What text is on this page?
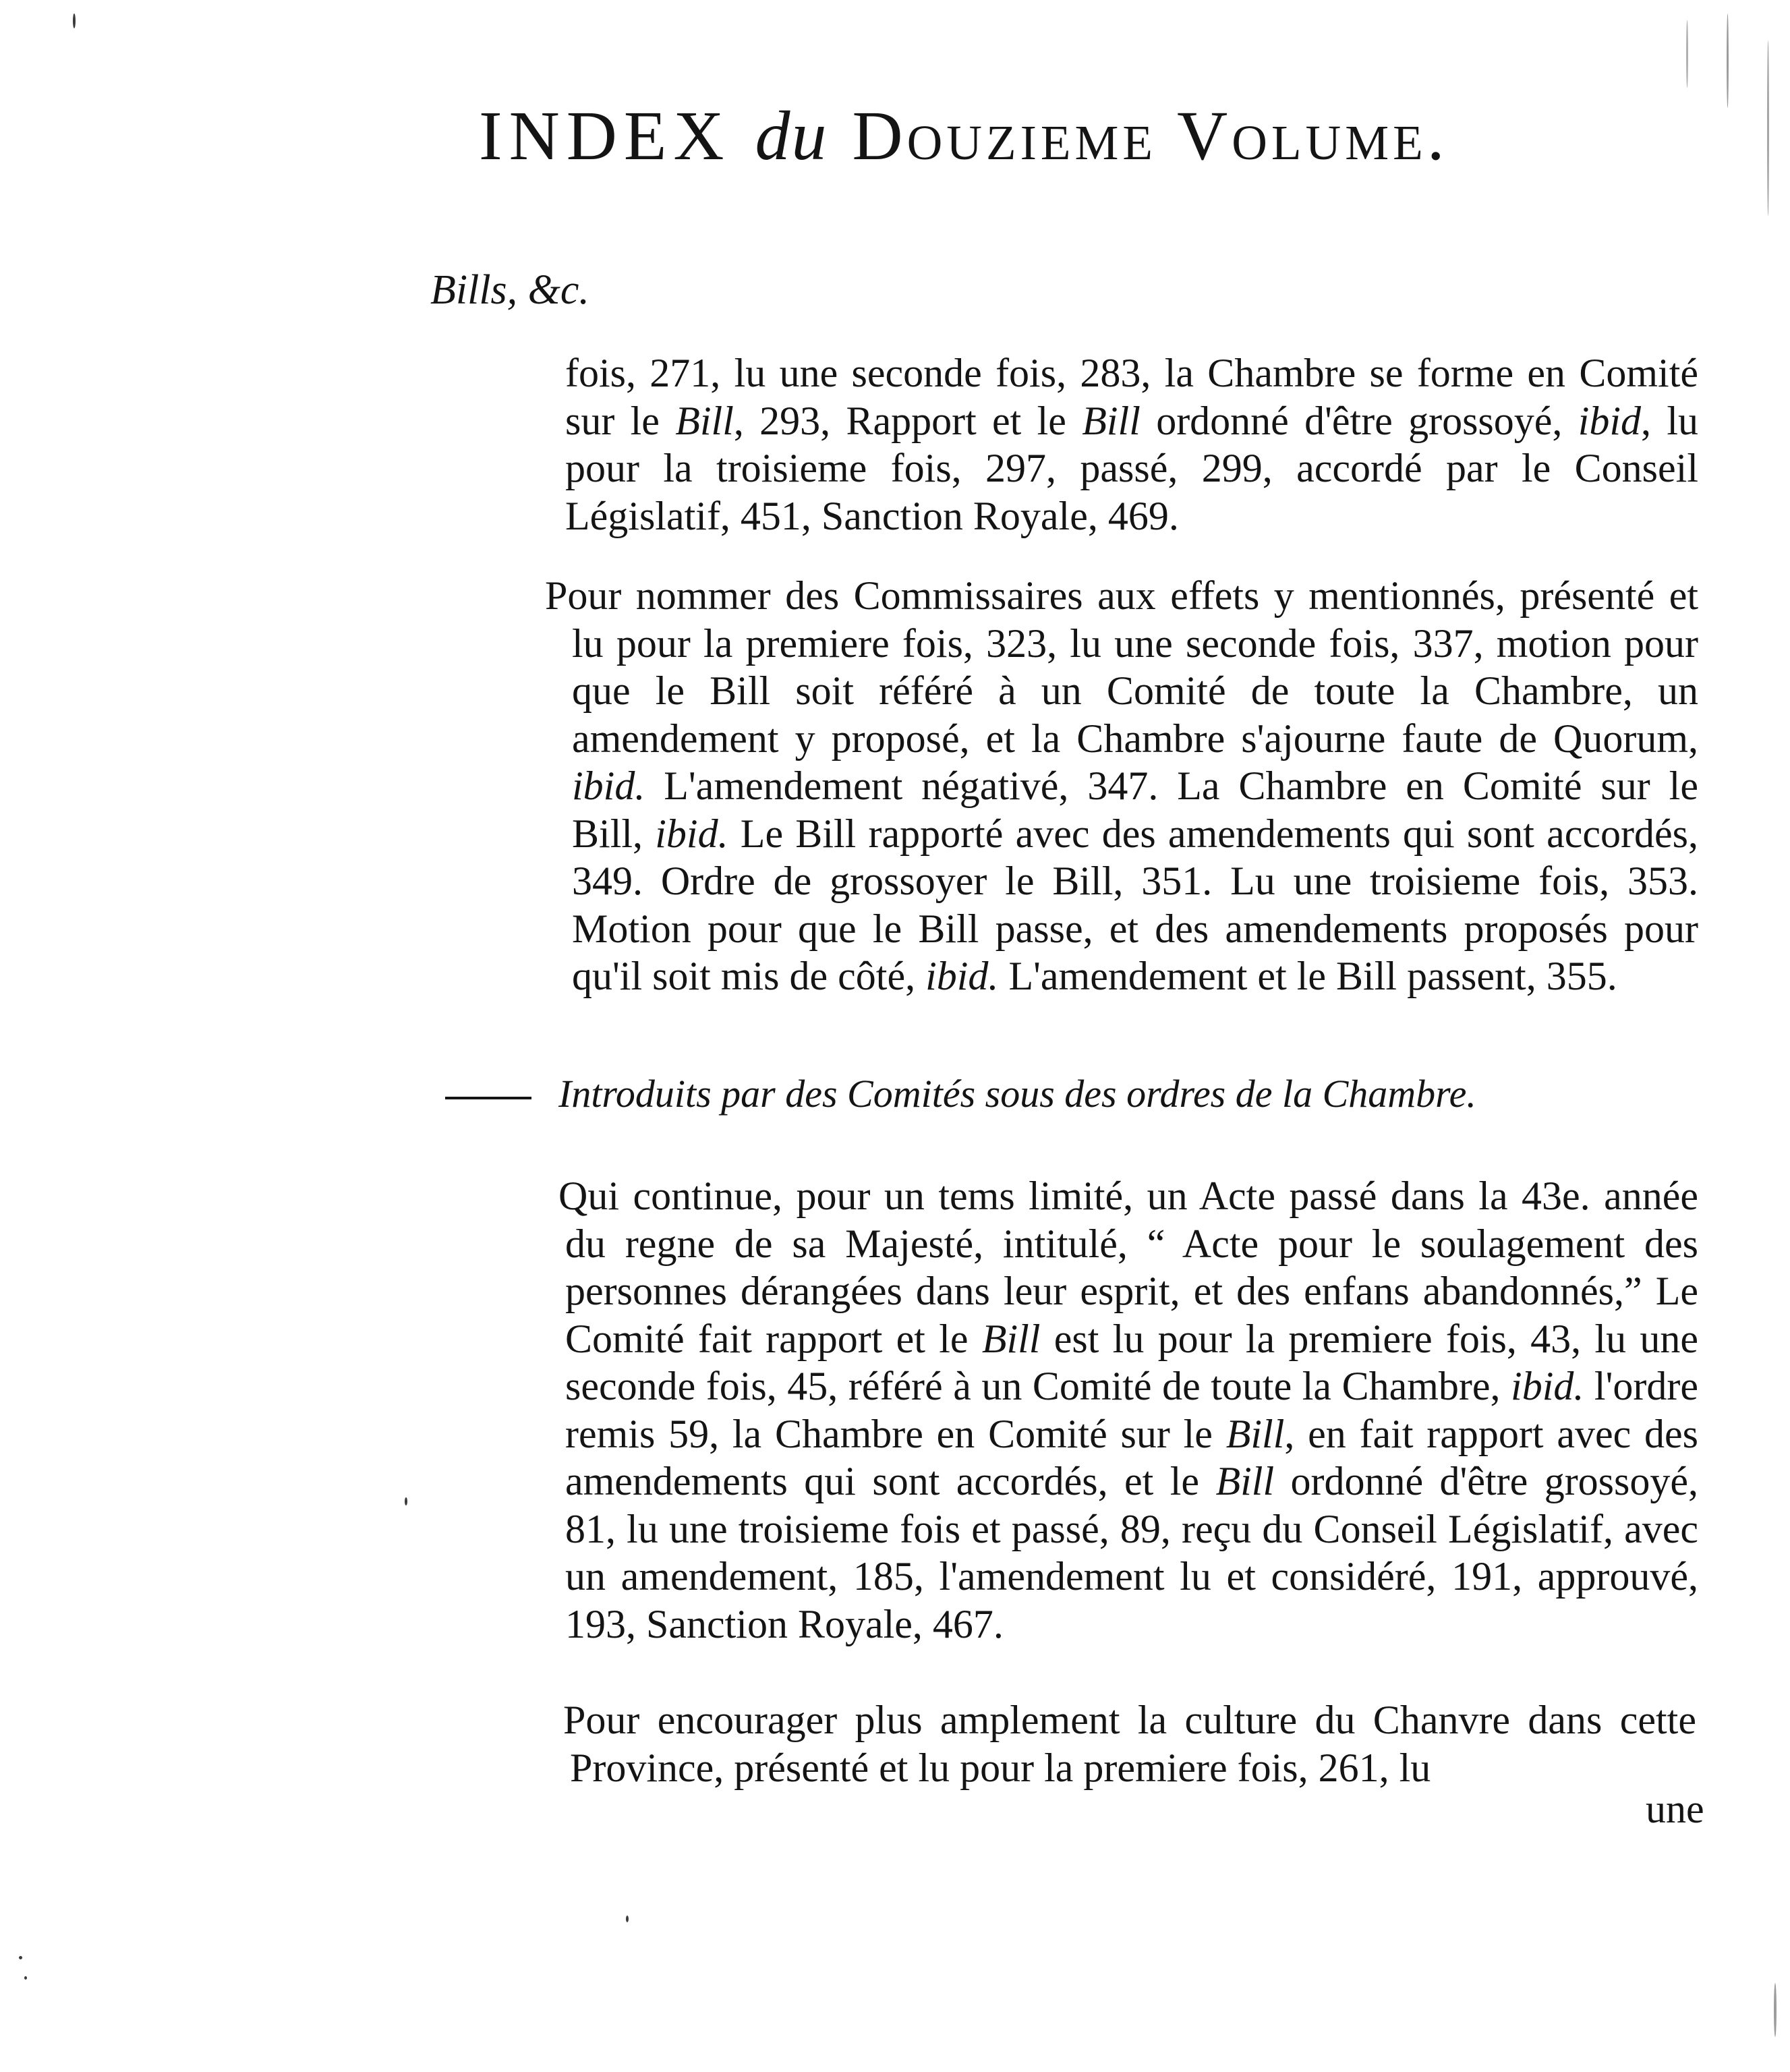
INDEX du Douzieme Volume.
Bills, &c.
fois, 271, lu une seconde fois, 283, la Chambre se forme en Comité sur le Bill, 293, Rapport et le Bill ordonné d'être grossoyé, ibid, lu pour la troisieme fois, 297, passé, 299, accordé par le Conseil Législatif, 451, Sanction Royale, 469.
Pour nommer des Commissaires aux effets y mentionnés, présenté et lu pour la premiere fois, 323, lu une seconde fois, 337, motion pour que le Bill soit référé à un Comité de toute la Chambre, un amendement y proposé, et la Chambre s'ajourne faute de Quorum, ibid. L'amendement négativé, 347. La Chambre en Comité sur le Bill, ibid. Le Bill rapporté avec des amendements qui sont accordés, 349. Ordre de grossoyer le Bill, 351. Lu une troisieme fois, 353. Motion pour que le Bill passe, et des amendements proposés pour qu'il soit mis de côté, ibid. L'amendement et le Bill passent, 355.
Introduits par des Comités sous des ordres de la Chambre.
Qui continue, pour un tems limité, un Acte passé dans la 43e. année du regne de sa Majesté, intitulé, “ Acte pour le soulagement des personnes dérangées dans leur esprit, et des enfans abandonnés,” Le Comité fait rapport et le Bill est lu pour la premiere fois, 43, lu une seconde fois, 45, référé à un Comité de toute la Chambre, ibid. l'ordre remis 59, la Chambre en Comité sur le Bill, en fait rapport avec des amendements qui sont accordés, et le Bill ordonné d'être grossoyé, 81, lu une troisieme fois et passé, 89, reçu du Conseil Législatif, avec un amendement, 185, l'amendement lu et considéré, 191, approuvé, 193, Sanction Royale, 467.
Pour encourager plus amplement la culture du Chanvre dans cette Province, présenté et lu pour la premiere fois, 261, lu
une
